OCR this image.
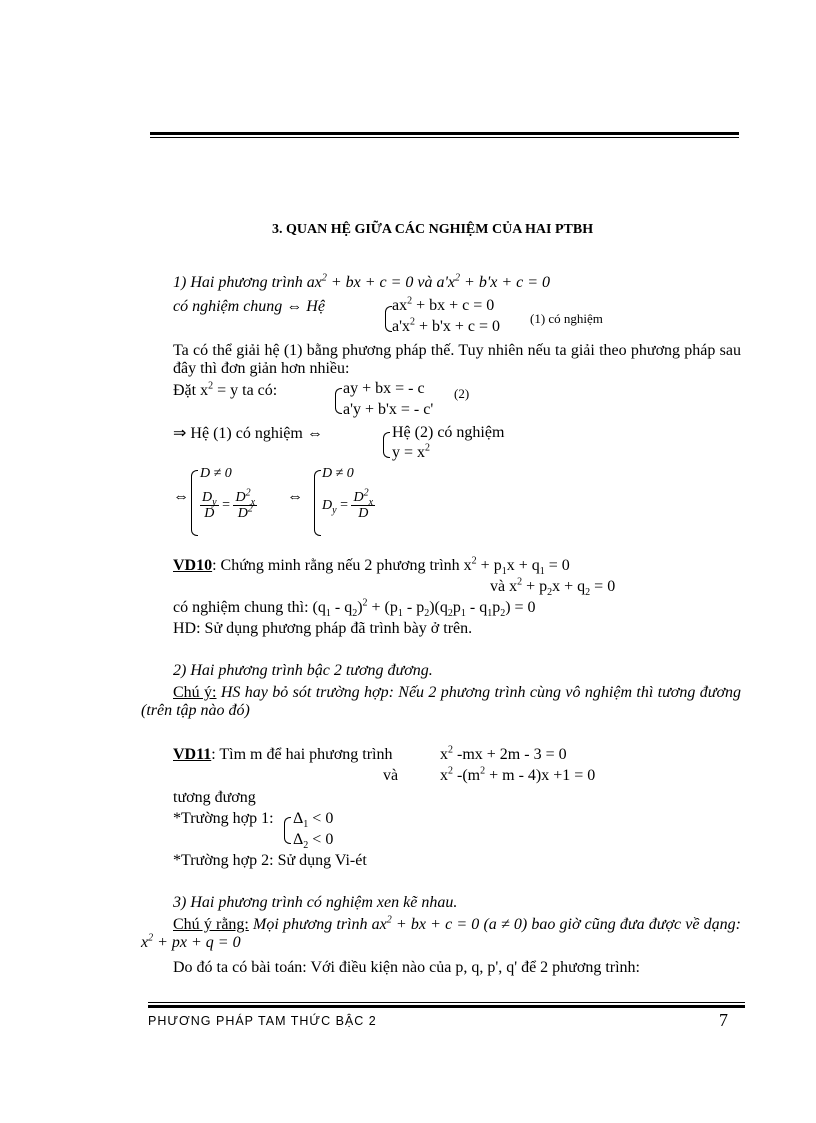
3. QUAN HỆ GIỮA CÁC NGHIỆM CỦA HAI PTBH
1) Hai phương trình $ax^2$ + bx + c = 0 và $a'x^2 + b'x + c = 0$
có nghiệm chung ⇔ Hệ	$ax^2$ + bx + c = 0
$a'x^2 + b'x + c = 0$ (1) có nghiệm
Ta có thể giải hệ (1) bằng phương pháp thế. Tuy nhiên nếu ta giải theo phương pháp sau đây thì đơn giản hơn nhiều:
Đặt $x^2 = y$ ta có:	ay + bx = - c
a'y + b'x = - c'
(2)
⇒ Hệ (1) có nghiệm ⇔	Hệ (2) có nghiệm
$y = x^2$
⇔
D ≠ 0
$\frac{D_y}{D} = \frac{D^2_x}{D^2}$ ⇔
D ≠ 0
$D_y = \frac{D^2_x}{D}$
VD10: Chứng minh rằng nếu 2 phương trình $x^2 + p_1x + q_1 = 0$
và $x^2 + p_2x + q_2 = 0$
có nghiệm chung thì: $(q_1 - q_2)^2 + (p_1 - p_2)(q_2p_1 - q_1p_2) = 0$
HD: Sử dụng phương pháp đã trình bày ở trên.
2) Hai phương trình bậc 2 tương đương.
Chú ý: HS hay bỏ sót trường hợp: Nếu 2 phương trình cùng vô nghiệm thì tương đương (trên tập nào đó)
VD11: Tìm m để hai phương trình	$x^2$ -mx + 2m - 3 = 0
và	$x^2$ $-(m^2 + m - 4)x +1 = 0$
tương đương
*Trường hợp 1: $\Delta_1 < 0$
$\Delta_2 < 0$
*Trường hợp 2: Sử dụng Vi-ét
3) Hai phương trình có nghiệm xen kẽ nhau.
Chú ý rằng: Mọi phương trình $ax^2$ + bx + c = 0 (a ≠ 0) bao giờ cũng đưa được về dạng: $x^2$ + px + q = 0
Do đó ta có bài toán: Với điều kiện nào của p, q, p', q' để 2 phương trình:
PHƯƠNG PHÁP TAM THỨC BẬC 2	7
